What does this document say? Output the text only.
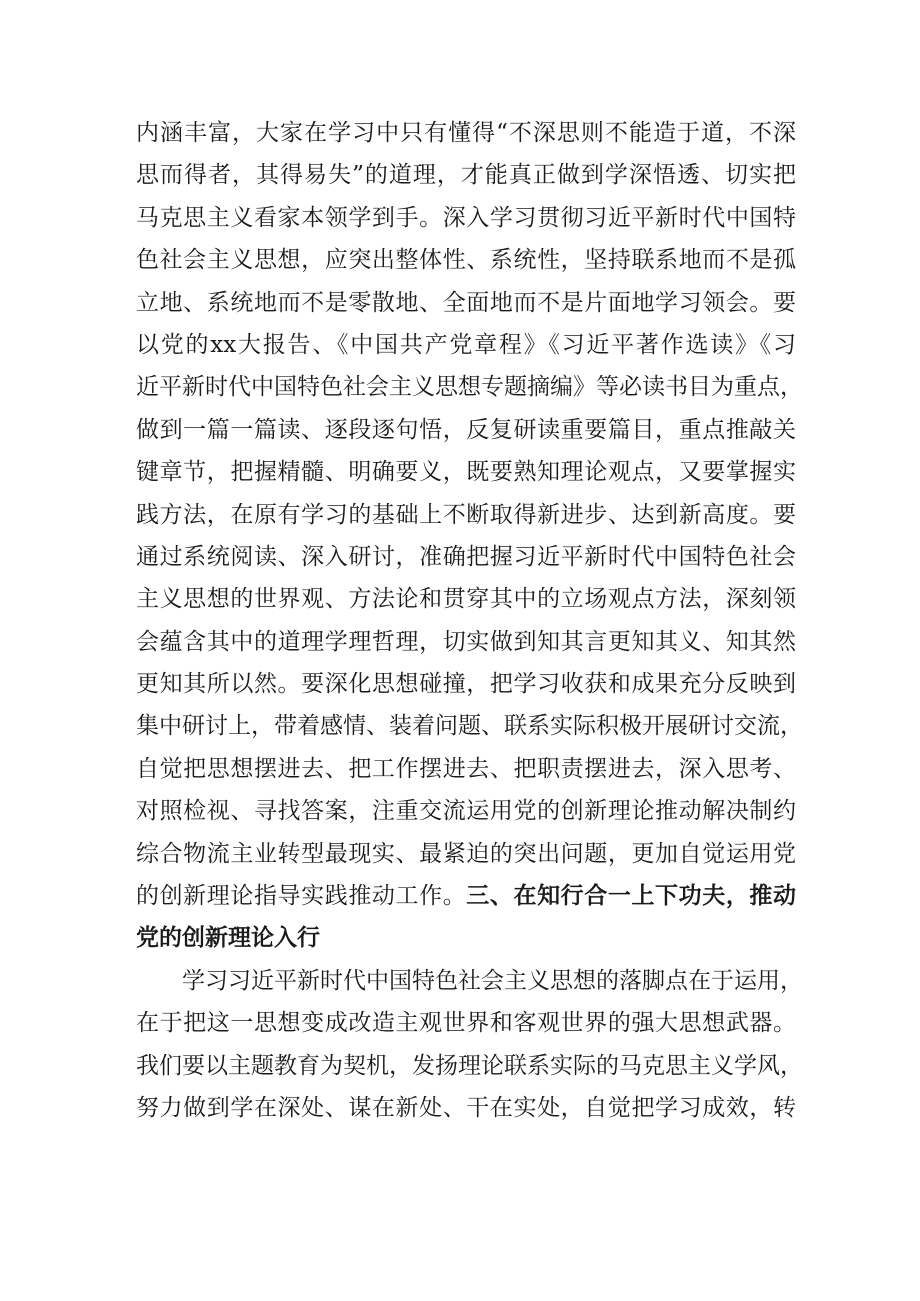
内涵丰富，大家在学习中只有懂得“不深思则不能造于道，不深
思而得者，其得易失”的道理，才能真正做到学深悟透、切实把
马克思主义看家本领学到手。深入学习贯彻习近平新时代中国特
色社会主义思想，应突出整体性、系统性，坚持联系地而不是孤
立地、系统地而不是零散地、全面地而不是片面地学习领会。要
以党的xx大报告、《中国共产党章程》《习近平著作选读》《习
近平新时代中国特色社会主义思想专题摘编》等必读书目为重点，
做到一篇一篇读、逐段逐句悟，反复研读重要篇目，重点推敲关
键章节，把握精髓、明确要义，既要熟知理论观点，又要掌握实
践方法，在原有学习的基础上不断取得新进步、达到新高度。要
通过系统阅读、深入研讨，准确把握习近平新时代中国特色社会
主义思想的世界观、方法论和贯穿其中的立场观点方法，深刻领
会蕴含其中的道理学理哲理，切实做到知其言更知其义、知其然
更知其所以然。要深化思想碰撞，把学习收获和成果充分反映到
集中研讨上，带着感情、装着问题、联系实际积极开展研讨交流，
自觉把思想摆进去、把工作摆进去、把职责摆进去，深入思考、
对照检视、寻找答案，注重交流运用党的创新理论推动解决制约
综合物流主业转型最现实、最紧迫的突出问题，更加自觉运用党
的创新理论指导实践推动工作。三、在知行合一上下功夫，推动
党的创新理论入行
学习习近平新时代中国特色社会主义思想的落脚点在于运用，
在于把这一思想变成改造主观世界和客观世界的强大思想武器。
我们要以主题教育为契机，发扬理论联系实际的马克思主义学风，
努力做到学在深处、谋在新处、干在实处，自觉把学习成效，转
